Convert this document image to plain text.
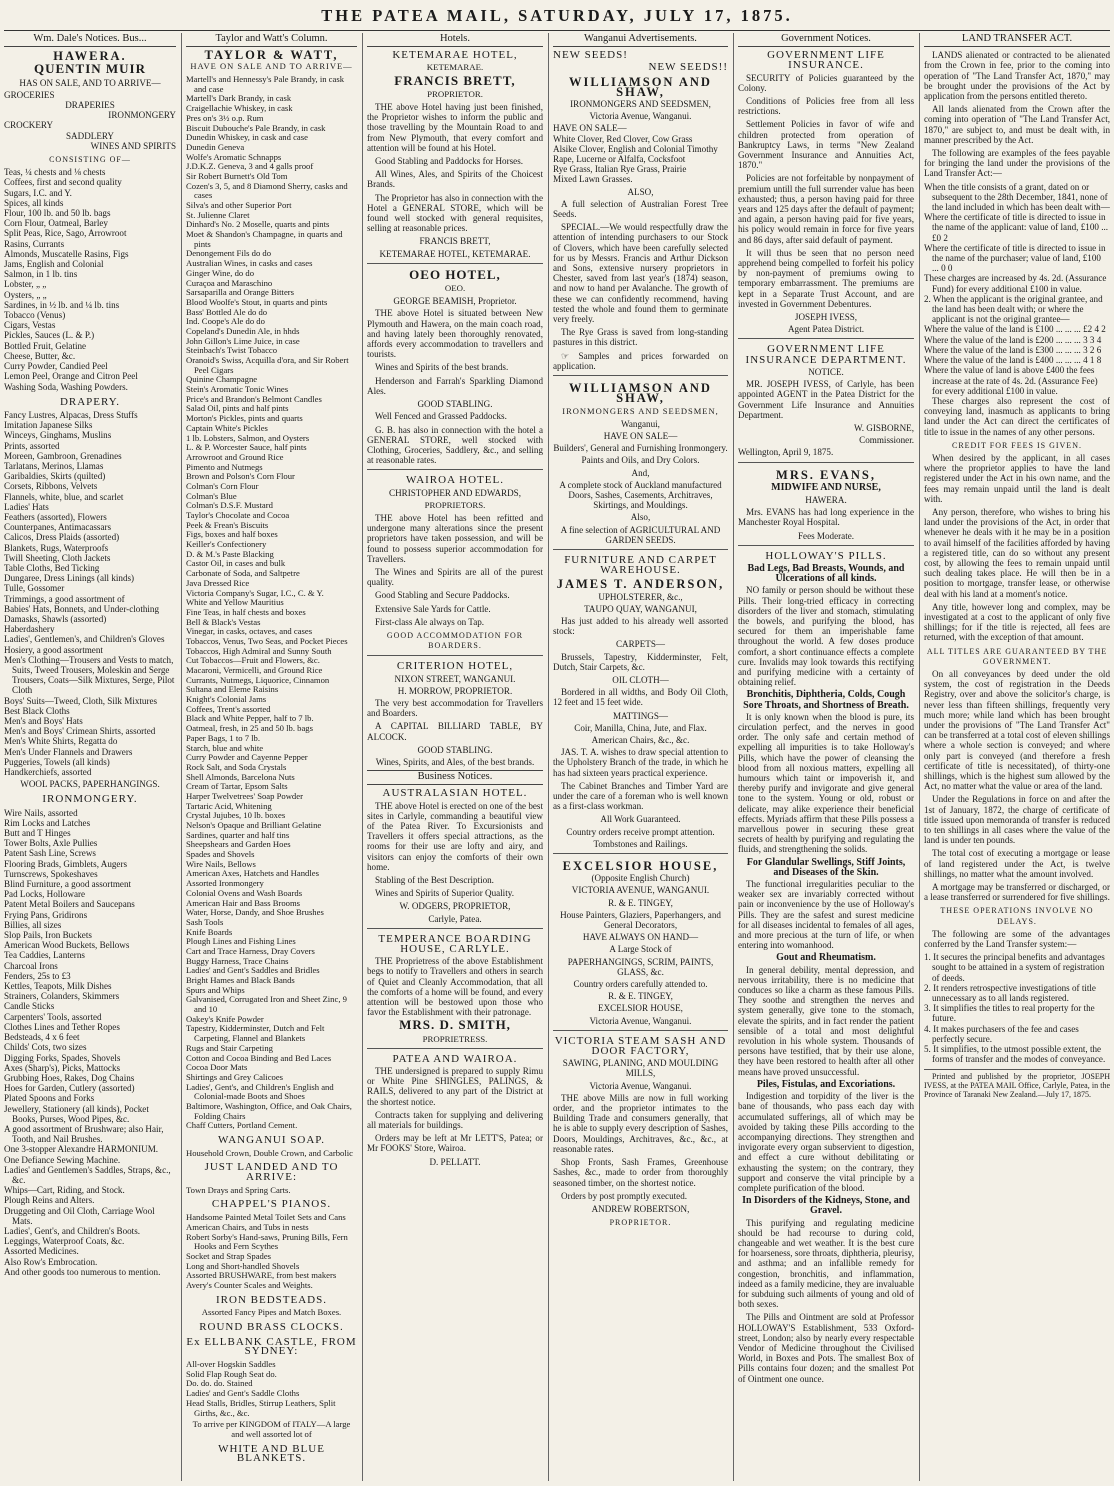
THE PATEA MAIL, SATURDAY, JULY 17, 1875.
Wm. Dale's Notices. Bus...
HAWERA.
QUENTIN MUIR
HAS ON SALE, AND TO ARRIVE—
GROCERIES
DRAPERIES
IRONMONGERY
CROCKERY
SADDLERY
WINES AND SPIRITS
CONSISTING OF—
Teas, ¼ chests and ⅛ chests
Coffees, first and second quality
Sugars, I.C. and Y.
Spices, all kinds
Flour, 100 lb. and 50 lb. bags
Corn Flour, Oatmeal, Barley
Split Peas, Rice, Sago, Arrowroot
Rasins, Currants
Almonds, Muscatelle Rasins, Figs
Jams, English and Colonial
Salmon, in 1 lb. tins
Lobster, „ „
Oysters, „ „
Sardines, in ½ lb. and ¼ lb. tins
Tobacco (Venus)
Cigars, Vestas
Pickles, Sauces (L. & P.)
Bottled Fruit, Gelatine
Cheese, Butter, &c.
Curry Powder, Candied Peel
Lemon Peel, Orange and Citron Peel
Washing Soda, Washing Powders.
DRAPERY.
Fancy Lustres, Alpacas, Dress Stuffs
Imitation Japanese Silks
Winceys, Ginghams, Muslins
Prints, assorted
Moreen, Gambroon, Grenadines
Tarlatans, Merinos, Llamas
Garibaldies, Skirts (quilted)
Corsets, Ribbons, Velvets
Flannels, white, blue, and scarlet
Ladies' Hats
Feathers (assorted), Flowers
Counterpanes, Antimacassars
Calicos, Dress Plaids (assorted)
Blankets, Rugs, Waterproofs
Twill Sheeting, Cloth Jackets
Table Cloths, Bed Ticking
Dungaree, Dress Linings (all kinds)
Tulle, Gossomer
Trimmings, a good assortment of
Babies' Hats, Bonnets, and Under-clothing
Damasks, Shawls (assorted)
Haberdashery
Ladies', Gentlemen's, and Children's Gloves
Hosiery, a good assortment
Men's Clothing—Trousers and Vests to match, Suits, Tweed Trousers, Moleskin and Serge Trousers, Coats—Silk Mixtures, Serge, Pilot Cloth
Boys' Suits—Tweed, Cloth, Silk Mixtures
Best Black Cloths
Men's and Boys' Hats
Men's and Boys' Crimean Shirts, assorted
Men's White Shirts, Regatta do
Men's Under Flannels and Drawers
Puggeries, Towels (all kinds)
Handkerchiefs, assorted
WOOL PACKS, PAPERHANGINGS.
IRONMONGERY.
Wire Nails, assorted
Rim Locks and Latches
Butt and T Hinges
Tower Bolts, Axle Pullies
Patent Sash Line, Screws
Flooring Brads, Gimblets, Augers
Turnscrews, Spokeshaves
Blind Furniture, a good assortment
Pad Locks, Holloware
Patent Metal Boilers and Saucepans
Frying Pans, Gridirons
Billies, all sizes
Slop Pails, Iron Buckets
American Wood Buckets, Bellows
Tea Caddies, Lanterns
Charcoal Irons
Fenders, 25s to £3
Kettles, Teapots, Milk Dishes
Strainers, Colanders, Skimmers
Candle Sticks
Carpenters' Tools, assorted
Clothes Lines and Tether Ropes
Bedsteads, 4 x 6 feet
Childs' Cots, two sizes
Digging Forks, Spades, Shovels
Axes (Sharp's), Picks, Mattocks
Grubbing Hoes, Rakes, Dog Chains
Hoes for Garden, Cutlery (assorted)
Plated Spoons and Forks
Jewellery, Stationery (all kinds), Pocket Books, Purses, Wood Pipes, &c.
A good assortment of Brushware; also Hair, Tooth, and Nail Brushes.
One 3-stopper Alexandre HARMONIUM.
One Defiance Sewing Machine.
Ladies' and Gentlemen's Saddles, Straps, &c., &c.
Whips—Cart, Riding, and Stock.
Plough Reins and Alters.
Druggeting and Oil Cloth, Carriage Wool Mats.
Ladies', Gent's, and Children's Boots.
Leggings, Waterproof Coats, &c.
Assorted Medicines.
Also Row's Embrocation.
And other goods too numerous to mention.
Taylor and Watt's Column.
TAYLOR & WATT,
HAVE ON SALE AND TO ARRIVE—
Martell's and Hennessy's Pale Brandy, in cask and case
Martell's Dark Brandy, in cask
Craigellachie Whiskey, in cask
Pres on's 3½ o.p. Rum
Biscuit Dubouche's Pale Brandy, in cask
Dunedin Whiskey, in cask and case
Dunedin Geneva
Wolfe's Aromatic Schnapps
J.D.K.Z. Geneva, 3 and 4 galls proof
Sir Robert Burnett's Old Tom
Cozen's 3, 5, and 8 Diamond Sherry, casks and cases
Silva's and other Superior Port
St. Julienne Claret
Dinhard's No. 2 Moselle, quarts and pints
Moet & Shandon's Champagne, in quarts and pints
Denongement Fils do do
Australian Wines, in casks and cases
Ginger Wine, do do
Curaçoa and Maraschino
Sarsaparilla and Orange Bitters
Blood Woolfe's Stout, in quarts and pints
Bass' Bottled Ale do do
Ind. Coope's Ale do do
Copeland's Dunedin Ale, in hhds
John Gillon's Lime Juice, in case
Steinbach's Twist Tobacco
Oranoid's Swiss, Acquilla d'ora, and Sir Robert Peel Cigars
Quinine Champagne
Stein's Aromatic Tonic Wines
Price's and Brandon's Belmont Candles
Salad Oil, pints and half pints
Morton's Pickles, pints and quarts
Captain White's Pickles
1 lb. Lobsters, Salmon, and Oysters
L. & P. Worcester Sauce, half pints
Arrowroot and Ground Rice
Pimento and Nutmegs
Brown and Polson's Corn Flour
Colman's Corn Flour
Colman's Blue
Colman's D.S.F. Mustard
Taylor's Chocolate and Cocoa
Peek & Frean's Biscuits
Figs, boxes and half boxes
Keiller's Confectionery
D. & M.'s Paste Blacking
Castor Oil, in cases and bulk
Carbonate of Soda, and Saltpetre
Java Dressed Rice
Victoria Company's Sugar, I.C., C. & Y.
White and Yellow Mauritius
Fine Teas, in half chests and boxes
Bell & Black's Vestas
Vinegar, in casks, octaves, and cases
Tobaccos, Venus, Two Seas, and Pocket Pieces
Tobaccos, High Admiral and Sunny South
Cut Tobaccos—Fruit and Flowers, &c.
Macaroni, Vermicelli, and Ground Rice
Currants, Nutmegs, Liquorice, Cinnamon
Sultana and Eleme Raisins
Knight's Colonial Jams
Coffees, Trent's assorted
Black and White Pepper, half to 7 lb.
Oatmeal, fresh, in 25 and 50 lb. bags
Paper Bags, 1 to 7 lb.
Starch, blue and white
Curry Powder and Cayenne Pepper
Rock Salt, and Soda Crystals
Shell Almonds, Barcelona Nuts
Cream of Tartar, Epsom Salts
Harper Twelvetrees' Soap Powder
Tartaric Acid, Whitening
Crystal Jujubes, 10 lb. boxes
Nelson's Opaque and Brilliant Gelatine
Sardines, quarter and half tins
Sheepshears and Garden Hoes
Spades and Shovels
Wire Nails, Bellows
American Axes, Hatchets and Handles
Assorted Ironmongery
Colonial Ovens and Wash Boards
American Hair and Bass Brooms
Water, Horse, Dandy, and Shoe Brushes
Sash Tools
Knife Boards
Plough Lines and Fishing Lines
Cart and Trace Harness, Dray Covers
Buggy Harness, Trace Chains
Ladies' and Gent's Saddles and Bridles
Bright Hames and Black Bands
Spurs and Whips
Galvanised, Corrugated Iron and Sheet Zinc, 9 and 10
Oakey's Knife Powder
Tapestry, Kidderminster, Dutch and Felt Carpeting, Flannel and Blankets
Rugs and Stair Carpeting
Cotton and Cocoa Binding and Bed Laces
Cocoa Door Mats
Shirtings and Grey Calicoes
Ladies', Gent's, and Children's English and Colonial-made Boots and Shoes
Baltimore, Washington, Office, and Oak Chairs, Folding Chairs
Chaff Cutters, Portland Cement.
WANGANUI SOAP.
Household Crown, Double Crown, and Carbolic
JUST LANDED AND TO ARRIVE:
Town Drays and Spring Carts.
CHAPPEL'S PIANOS.
Handsome Painted Metal Toilet Sets and Cans
American Chairs, and Tubs in nests
Robert Sorby's Hand-saws, Pruning Bills, Fern Hooks and Fern Scythes
Socket and Strap Spades
Long and Short-handled Shovels
Assorted BRUSHWARE, from best makers
Avery's Counter Scales and Weights.
IRON BEDSTEADS.
Assorted Fancy Pipes and Match Boxes.
ROUND BRASS CLOCKS.
Ex ELLBANK CASTLE, FROM SYDNEY:
All-over Hogskin Saddles
Solid Flap Rough Seat do.
Do. do. do. Stained
Ladies' and Gent's Saddle Cloths
Head Stalls, Bridles, Stirrup Leathers, Split Girths, &c., &c.
To arrive per KINGDOM of ITALY—A large and well assorted lot of
WHITE AND BLUE BLANKETS.
Hotels.
KETEMARAE HOTEL,
KETEMARAE.
FRANCIS BRETT,
PROPRIETOR.
THE above Hotel having just been finished, the Proprietor wishes to inform the public and those travelling by the Mountain Road to and from New Plymouth, that every comfort and attention will be found at his Hotel.
Good Stabling and Paddocks for Horses.
All Wines, Ales, and Spirits of the Choicest Brands.
The Proprietor has also in connection with the Hotel a GENERAL STORE, which will be found well stocked with general requisites, selling at reasonable prices.
FRANCIS BRETT,
KETEMARAE HOTEL, KETEMARAE.
OEO HOTEL,
OEO.
GEORGE BEAMISH, Proprietor.
THE above Hotel is situated between New Plymouth and Hawera, on the main coach road, and having lately been thoroughly renovated, affords every accommodation to travellers and tourists.
Wines and Spirits of the best brands.
Henderson and Farrah's Sparkling Diamond Ales.
GOOD STABLING.
Well Fenced and Grassed Paddocks.
G. B. has also in connection with the hotel a GENERAL STORE, well stocked with Clothing, Groceries, Saddlery, &c., and selling at reasonable rates.
WAIROA HOTEL.
CHRISTOPHER AND EDWARDS,
PROPRIETORS.
THE above Hotel has been refitted and undergone many alterations since the present proprietors have taken possession, and will be found to possess superior accommodation for Travellers.
The Wines and Spirits are all of the purest quality.
Good Stabling and Secure Paddocks.
Extensive Sale Yards for Cattle.
First-class Ale always on Tap.
GOOD ACCOMMODATION FOR BOARDERS.
CRITERION HOTEL,
NIXON STREET, WANGANUI.
H. MORROW, PROPRIETOR.
The very best accommodation for Travellers and Boarders.
A CAPITAL BILLIARD TABLE, BY ALCOCK.
GOOD STABLING.
Wines, Spirits, and Ales, of the best brands.
Business Notices.
AUSTRALASIAN HOTEL.
THE above Hotel is erected on one of the best sites in Carlyle, commanding a beautiful view of the Patea River. To Excursionists and Travellers it offers special attractions, as the rooms for their use are lofty and airy, and visitors can enjoy the comforts of their own home.
Stabling of the Best Description.
Wines and Spirits of Superior Quality.
W. ODGERS, PROPRIETOR,
Carlyle, Patea.
TEMPERANCE BOARDING HOUSE, CARLYLE.
THE Proprietress of the above Establishment begs to notify to Travellers and others in search of Quiet and Cleanly Accommodation, that all the comforts of a home will be found, and every attention will be bestowed upon those who favor the Establishment with their patronage.
MRS. D. SMITH,
PROPRIETRESS.
PATEA AND WAIROA.
THE undersigned is prepared to supply Rimu or White Pine SHINGLES, PALINGS, & RAILS, delivered to any part of the District at the shortest notice.
Contracts taken for supplying and delivering all materials for buildings.
Orders may be left at Mr LETT'S, Patea; or Mr FOOKS' Store, Wairoa.
D. PELLATT.
Wanganui Advertisements.
NEW SEEDS!
NEW SEEDS!!
WILLIAMSON AND SHAW,
IRONMONGERS AND SEEDSMEN,
Victoria Avenue, Wanganui.
HAVE ON SALE—
White Clover, Red Clover, Cow Grass
Alsike Clover, English and Colonial Timothy
Rape, Lucerne or Alfalfa, Cocksfoot
Rye Grass, Italian Rye Grass, Prairie
Mixed Lawn Grasses.
ALSO,
A full selection of Australian Forest Tree Seeds.
SPECIAL.—We would respectfully draw the attention of intending purchasers to our Stock of Clovers, which have been carefully selected for us by Messrs. Francis and Arthur Dickson and Sons, extensive nursery proprietors in Chester, saved from last year's (1874) season, and now to hand per Avalanche. The growth of these we can confidently recommend, having tested the whole and found them to germinate very freely.
The Rye Grass is saved from long-standing pastures in this district.
☞ Samples and prices forwarded on application.
WILLIAMSON AND SHAW,
IRONMONGERS AND SEEDSMEN,
Wanganui,
HAVE ON SALE—
Builders', General and Furnishing Ironmongery.
Paints and Oils, and Dry Colors.
And,
A complete stock of Auckland manufactured Doors, Sashes, Casements, Architraves, Skirtings, and Mouldings.
Also,
A fine selection of AGRICULTURAL AND GARDEN SEEDS.
FURNITURE AND CARPET WAREHOUSE.
JAMES T. ANDERSON,
UPHOLSTERER, &c.,
TAUPO QUAY, WANGANUI,
Has just added to his already well assorted stock:
CARPETS—
Brussels, Tapestry, Kidderminster, Felt, Dutch, Stair Carpets, &c.
OIL CLOTH—
Bordered in all widths, and Body Oil Cloth, 12 feet and 15 feet wide.
MATTINGS—
Coir, Manilla, China, Jute, and Flax.
American Chairs, &c., &c.
JAS. T. A. wishes to draw special attention to the Upholstery Branch of the trade, in which he has had sixteen years practical experience.
The Cabinet Branches and Timber Yard are under the care of a foreman who is well known as a first-class workman.
All Work Guaranteed.
Country orders receive prompt attention.
Tombstones and Railings.
EXCELSIOR HOUSE,
(Opposite English Church)
VICTORIA AVENUE, WANGANUI.
R. & E. TINGEY,
House Painters, Glaziers, Paperhangers, and General Decorators,
HAVE ALWAYS ON HAND—
A Large Stock of
PAPERHANGINGS, SCRIM, PAINTS, GLASS, &c.
Country orders carefully attended to.
R. & E. TINGEY,
EXCELSIOR HOUSE,
Victoria Avenue, Wanganui.
VICTORIA STEAM SASH AND DOOR FACTORY,
SAWING, PLANING, AND MOULDING MILLS,
Victoria Avenue, Wanganui.
THE above Mills are now in full working order, and the proprietor intimates to the Building Trade and consumers generally, that he is able to supply every description of Sashes, Doors, Mouldings, Architraves, &c., &c., at reasonable rates.
Shop Fronts, Sash Frames, Greenhouse Sashes, &c., made to order from thoroughly seasoned timber, on the shortest notice.
Orders by post promptly executed.
ANDREW ROBERTSON,
PROPRIETOR.
Government Notices.
GOVERNMENT LIFE INSURANCE.
SECURITY of Policies guaranteed by the Colony.
Conditions of Policies free from all less restrictions.
Settlement Policies in favor of wife and children protected from operation of Bankruptcy Laws, in terms "New Zealand Government Insurance and Annuities Act, 1870."
Policies are not forfeitable by nonpayment of premium untill the full surrender value has been exhausted; thus, a person having paid for three years and 125 days after the default of payment; and again, a person having paid for five years, his policy would remain in force for five years and 86 days, after said default of payment.
It will thus be seen that no person need apprehend being compelled to forfeit his policy by non-payment of premiums owing to temporary embarrassment. The premiums are kept in a Separate Trust Account, and are invested in Government Debentures.
JOSEPH IVESS,
Agent Patea District.
GOVERNMENT LIFE INSURANCE DEPARTMENT.
NOTICE.
MR. JOSEPH IVESS, of Carlyle, has been appointed AGENT in the Patea District for the Government Life Insurance and Annuities Department.
W. GISBORNE,
Commissioner.
Wellington, April 9, 1875.
MRS. EVANS,
MIDWIFE AND NURSE,
HAWERA.
Mrs. EVANS has had long experience in the Manchester Royal Hospital.
Fees Moderate.
HOLLOWAY'S PILLS.
Bad Legs, Bad Breasts, Wounds, and Ulcerations of all kinds.
NO family or person should be without these Pills. Their long-tried efficacy in correcting disorders of the liver and stomach, stimulating the bowels, and purifying the blood, has secured for them an imperishable fame throughout the world. A few doses produce comfort, a short continuance effects a complete cure. Invalids may look towards this rectifying and purifying medicine with a certainty of obtaining relief.
Bronchitis, Diphtheria, Colds, Cough Sore Throats, and Shortness of Breath.
It is only known when the blood is pure, its circulation perfect, and the nerves in good order. The only safe and certain method of expelling all impurities is to take Holloway's Pills, which have the power of cleansing the blood from all noxious matters, expelling all humours which taint or impoverish it, and thereby purify and invigorate and give general tone to the system. Young or old, robust or delicate, may alike experience their beneficial effects. Myriads affirm that these Pills possess a marvellous power in securing these great secrets of health by purifying and regulating the fluids, and strengthening the solids.
For Glandular Swellings, Stiff Joints, and Diseases of the Skin.
The functional irregularities peculiar to the weaker sex are invariably corrected without pain or inconvenience by the use of Holloway's Pills. They are the safest and surest medicine for all diseases incidental to females of all ages, and more precious at the turn of life, or when entering into womanhood.
Gout and Rheumatism.
In general debility, mental depression, and nervous irritability, there is no medicine that conduces so like a charm as these famous Pills. They soothe and strengthen the nerves and system generally, give tone to the stomach, elevate the spirits, and in fact render the patient sensible of a total and most delightful revolution in his whole system. Thousands of persons have testified, that by their use alone, they have been restored to health after all other means have proved unsuccessful.
Piles, Fistulas, and Excoriations.
Indigestion and torpidity of the liver is the bane of thousands, who pass each day with accumulated sufferings, all of which may be avoided by taking these Pills according to the accompanying directions. They strengthen and invigorate every organ subservient to digestion, and effect a cure without debilitating or exhausting the system; on the contrary, they support and conserve the vital principle by a complete purification of the blood.
In Disorders of the Kidneys, Stone, and Gravel.
This purifying and regulating medicine should be had recourse to during cold, changeable and wet weather. It is the best cure for hoarseness, sore throats, diphtheria, pleurisy, and asthma; and an infallible remedy for congestion, bronchitis, and inflammation, indeed as a family medicine, they are invaluable for subduing such ailments of young and old of both sexes.
The Pills and Ointment are sold at Professor HOLLOWAY'S Establishment, 533 Oxford-street, London; also by nearly every respectable Vendor of Medicine throughout the Civilised World, in Boxes and Pots. The smallest Box of Pills contains four dozen; and the smallest Pot of Ointment one ounce.
LAND TRANSFER ACT.
LANDS alienated or contracted to be alienated from the Crown in fee, prior to the coming into operation of "The Land Transfer Act, 1870," may be brought under the provisions of the Act by application from the persons entitled thereto.
All lands alienated from the Crown after the coming into operation of "The Land Transfer Act, 1870," are subject to, and must be dealt with, in manner prescribed by the Act.
The following are examples of the fees payable for bringing the land under the provisions of the Land Transfer Act:—
When the title consists of a grant, dated on or subsequent to the 28th December, 1841, none of the land included in which has been dealt with—
Where the certificate of title is directed to issue in the name of the applicant: value of land, £100 ... £0 2
Where the certificate of title is directed to issue in the name of the purchaser; value of land, £100 ... 0 0
These charges are increased by 4s. 2d. (Assurance Fund) for every additional £100 in value.
2. When the applicant is the original grantee, and the land has been dealt with; or where the applicant is not the original grantee—
Where the value of the land is £100 ... ... ... £2 4 2
Where the value of the land is £200 ... ... ... 3 3 4
Where the value of the land is £300 ... ... ... 3 2 6
Where the value of the land is £400 ... ... ... 4 1 8
Where the value of land is above £400 the fees increase at the rate of 4s. 2d. (Assurance Fee) for every additional £100 in value.
These charges also represent the cost of conveying land, inasmuch as applicants to bring land under the Act can direct the certificates of title to issue in the names of any other persons.
CREDIT FOR FEES IS GIVEN.
When desired by the applicant, in all cases where the proprietor applies to have the land registered under the Act in his own name, and the fees may remain unpaid until the land is dealt with.
Any person, therefore, who wishes to bring his land under the provisions of the Act, in order that whenever he deals with it he may be in a position to avail himself of the facilities afforded by having a registered title, can do so without any present cost, by allowing the fees to remain unpaid until such dealing takes place. He will then be in a position to mortgage, transfer lease, or otherwise deal with his land at a moment's notice.
Any title, however long and complex, may be investigated at a cost to the applicant of only five shillings; for if the title is rejected, all fees are returned, with the exception of that amount.
ALL TITLES ARE GUARANTEED BY THE GOVERNMENT.
On all conveyances by deed under the old system, the cost of registration in the Deeds Registry, over and above the solicitor's charge, is never less than fifteen shillings, frequently very much more; while land which has been brought under the provisions of "The Land Transfer Act" can be transferred at a total cost of eleven shillings where a whole section is conveyed; and where only part is conveyed (and therefore a fresh certificate of title is necessitated), of thirty-one shillings, which is the highest sum allowed by the Act, no matter what the value or area of the land.
Under the Regulations in force on and after the 1st of January, 1872, the charge of certificate of title issued upon memoranda of transfer is reduced to ten shillings in all cases where the value of the land is under ten pounds.
The total cost of executing a mortgage or lease of land registered under the Act, is twelve shillings, no matter what the amount involved.
A mortgage may be transferred or discharged, or a lease transferred or surrendered for five shillings.
THESE OPERATIONS INVOLVE NO DELAYS.
The following are some of the advantages conferred by the Land Transfer system:—
1. It secures the principal benefits and advantages sought to be attained in a system of registration of deeds.
2. It renders retrospective investigations of title unnecessary as to all lands registered.
3. It simplifies the titles to real property for the future.
4. It makes purchasers of the fee and cases perfectly secure.
5. It simplifies, to the utmost possible extent, the forms of transfer and the modes of conveyance.
Printed and published by the proprietor, JOSEPH IVESS, at the PATEA MAIL Office, Carlyle, Patea, in the Province of Taranaki New Zealand.—July 17, 1875.
